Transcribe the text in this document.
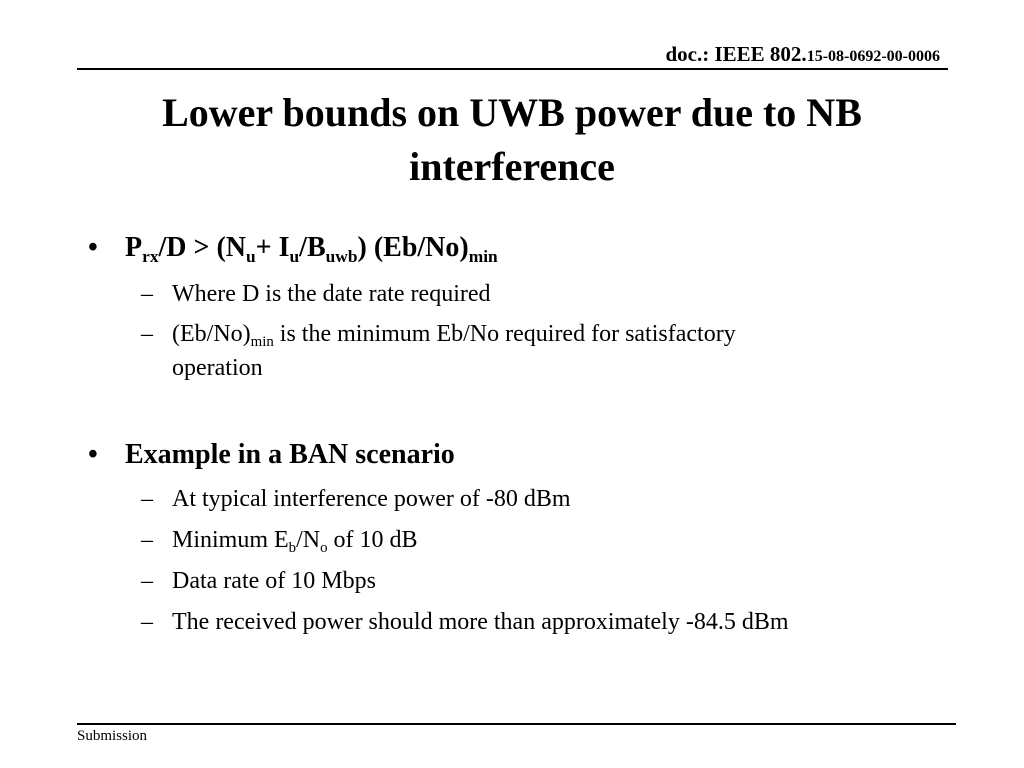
doc.: IEEE 802.15-08-0692-00-0006
Lower bounds on UWB power due to NB
interference
• $P_{rx}/D > (N_u+ I_u/B_{uwb})$ $(Eb/No)_{min}$
– Where D is the date rate required
– $(Eb/No)_{min}$ is the minimum Eb/No required for satisfactory
operation
• Example in a BAN scenario
– At typical interference power of -80 dBm
– Minimum $E_b/N_o$ of 10 dB
– Data rate of 10 Mbps
– The received power should more than approximately -84.5 dBm
Submission
